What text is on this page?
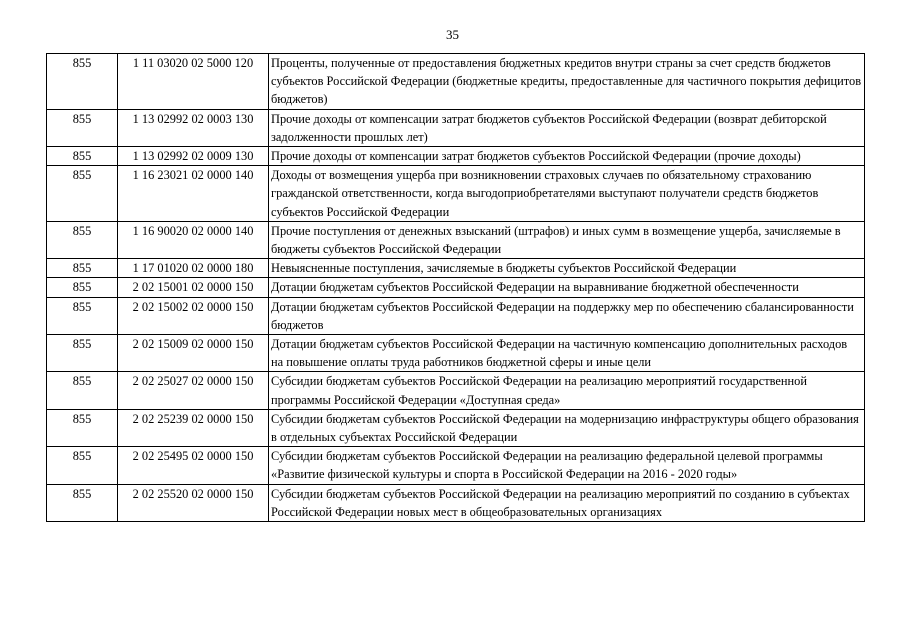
35
855	1 11 03020 02 5000 120	Проценты, полученные от предоставления бюджетных кредитов внутри страны за счет средств бюджетов субъектов Российской Федерации (бюджетные кредиты, предоставленные для частичного покрытия дефицитов бюджетов)
855	1 13 02992 02 0003 130	Прочие доходы от компенсации затрат бюджетов субъектов Российской Федерации (возврат дебиторской задолженности прошлых лет)
855	1 13 02992 02 0009 130	Прочие доходы от компенсации затрат бюджетов субъектов Российской Федерации (прочие доходы)
855	1 16 23021 02 0000 140	Доходы от возмещения ущерба при возникновении страховых случаев по обязательному страхованию гражданской ответственности, когда выгодоприобретателями выступают получатели средств бюджетов субъектов Российской Федерации
855	1 16 90020 02 0000 140	Прочие поступления от денежных взысканий (штрафов) и иных сумм в возмещение ущерба, зачисляемые в бюджеты субъектов Российской Федерации
855	1 17 01020 02 0000 180	Невыясненные поступления, зачисляемые в бюджеты субъектов Российской Федерации
855	2 02 15001 02 0000 150	Дотации бюджетам субъектов Российской Федерации на выравнивание бюджетной обеспеченности
855	2 02 15002 02 0000 150	Дотации бюджетам субъектов Российской Федерации на поддержку мер по обеспечению сбалансированности бюджетов
855	2 02 15009 02 0000 150	Дотации бюджетам субъектов Российской Федерации на частичную компенсацию дополнительных расходов на повышение оплаты труда работников бюджетной сферы и иные цели
855	2 02 25027 02 0000 150	Субсидии бюджетам субъектов Российской Федерации на реализацию мероприятий государственной программы Российской Федерации «Доступная среда»
855	2 02 25239 02 0000 150	Субсидии бюджетам субъектов Российской Федерации на модернизацию инфраструктуры общего образования в отдельных субъектах Российской Федерации
855	2 02 25495 02 0000 150	Субсидии бюджетам субъектов Российской Федерации на реализацию федеральной целевой программы «Развитие физической культуры и спорта в Российской Федерации на 2016 - 2020 годы»
855	2 02 25520 02 0000 150	Субсидии бюджетам субъектов Российской Федерации на реализацию мероприятий по созданию в субъектах Российской Федерации новых мест в общеобразовательных организациях
